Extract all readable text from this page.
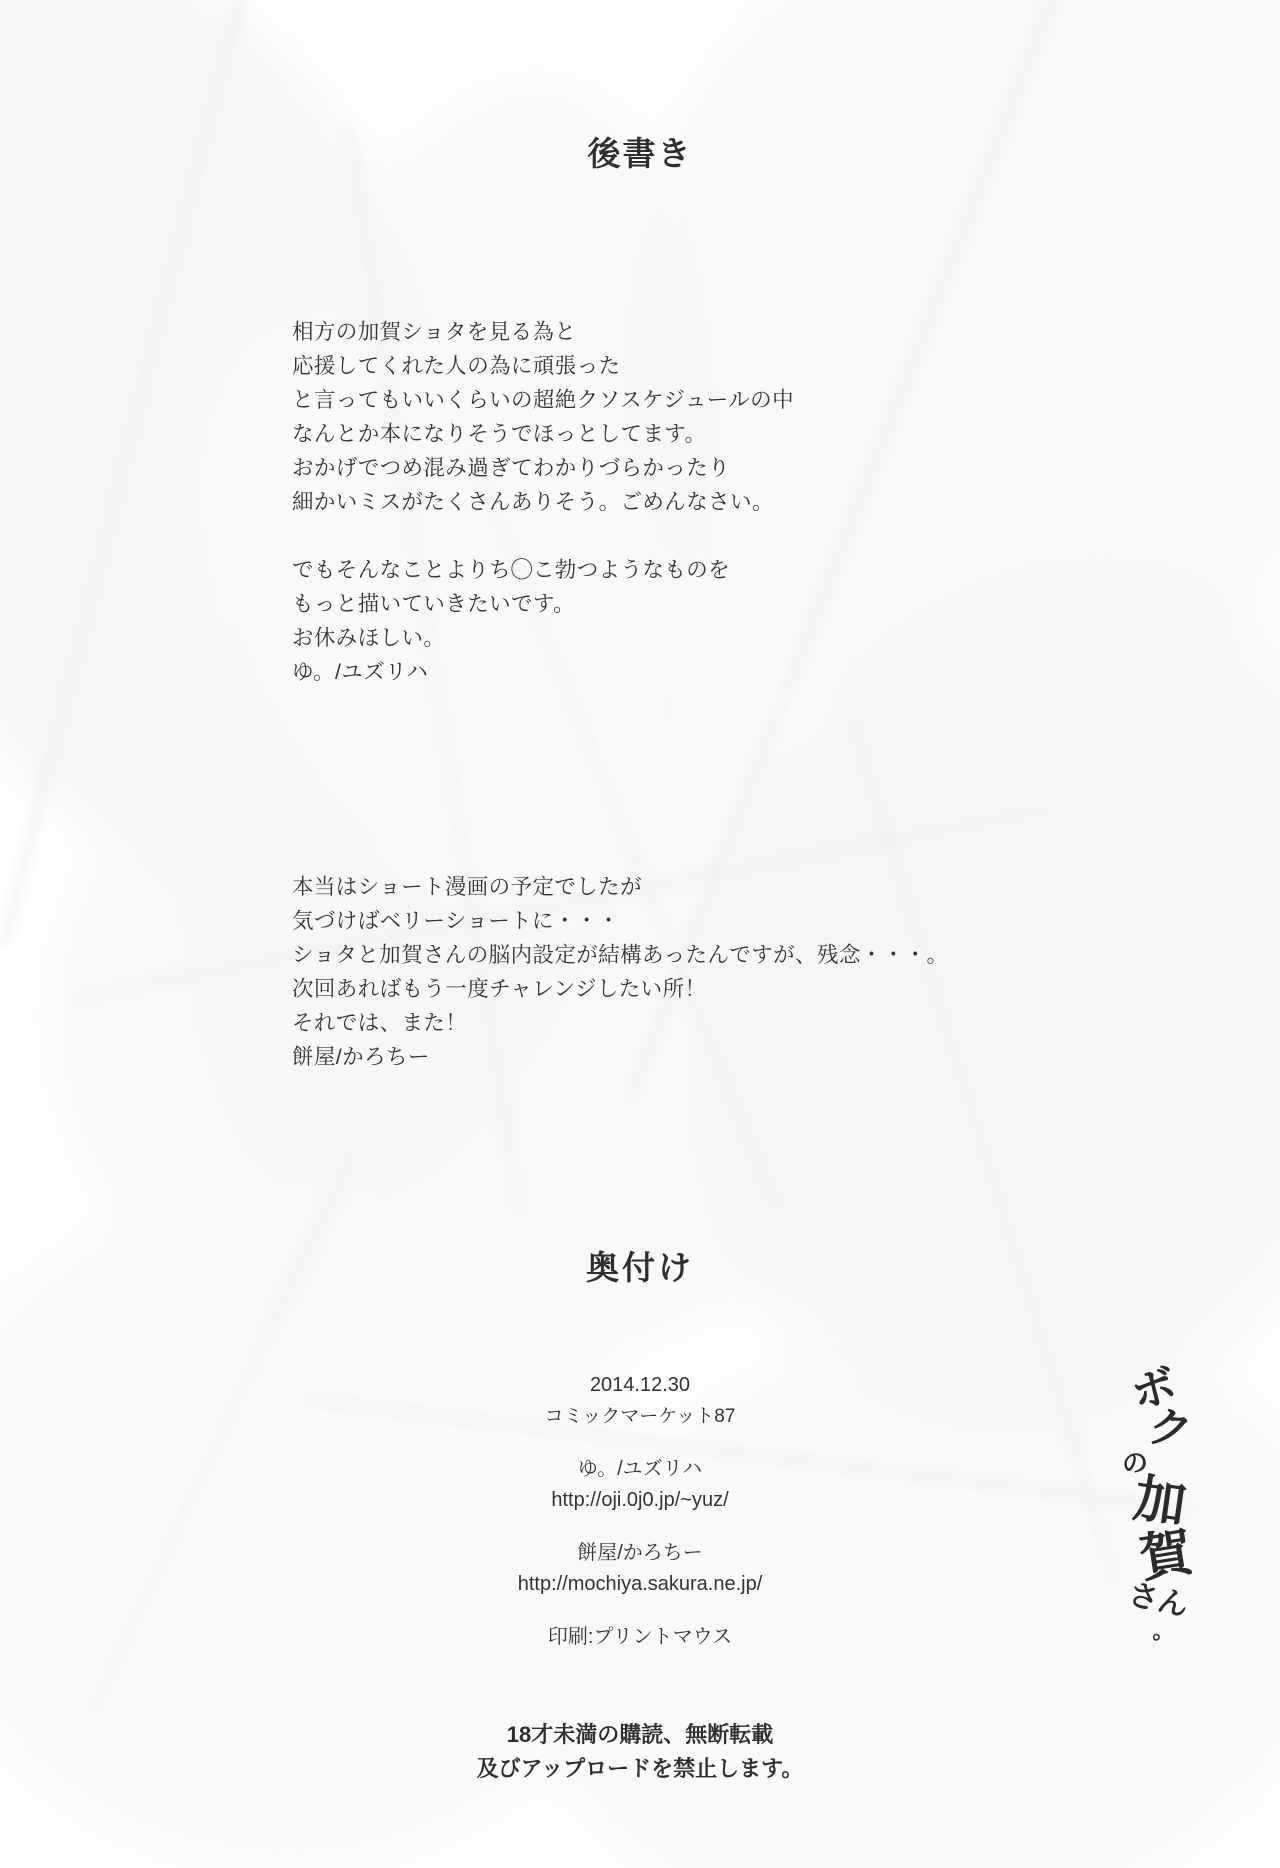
後書き

相方の加賀ショタを見る為と

応援してくれた人の為に頑張った

と言ってもいいくらいの超絶クソスケジュールの中

なんとか本になりそうでほっとしてます。

おかげでつめ混み過ぎてわかりづらかったり

細かいミスがたくさんありそう。ごめんなさい。

でもそんなことよりち◯こ勃つようなものを

もっと描いていきたいです。

お休みほしい。

ゆ。/ユズリハ

本当はショート漫画の予定でしたが

気づけばベリーショートに・・・

ショタと加賀さんの脳内設定が結構あったんですが、残念・・・。

次回あればもう一度チャレンジしたい所！

それでは、また！

餅屋/かろちー

奥付け
2014.12.30
コミックマーケット87
ゆ。/ユズリハ
http://oji.0j0.jp/~yuz/
餅屋/かろちー
http://mochiya.sakura.ne.jp/
印刷:プリントマウス
18才未満の購読、無断転載
及びアップロードを禁止します。
ボ
ク
の
加
賀
さん
。
